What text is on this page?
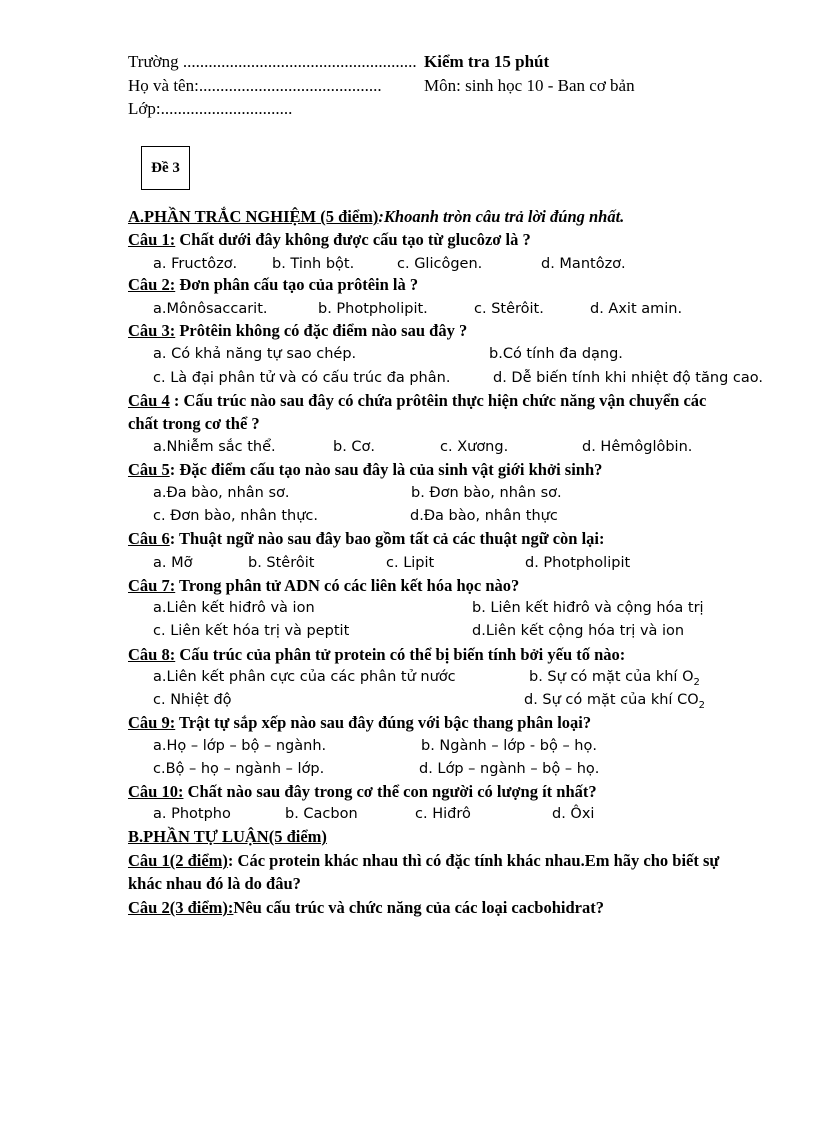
Trường .......................................................
Họ và tên:...........................................
Lớp:...............................
Kiểm tra 15 phút
Môn: sinh học 10 - Ban cơ bản
Đề 3
A.PHẦN TRẮC NGHIỆM (5 điểm):Khoanh tròn câu trả lời đúng nhất.
Câu 1: Chất dưới đây không được cấu tạo từ glucôzơ là ?
a. Fructôzơ. b. Tinh bột.	c. Glicôgen.	d. Mantôzơ.
Câu 2: Đơn phân cấu tạo của prôtêin là ?
a.Mônôsaccarit.	b. Photpholipit.	c. Stêrôit.	d. Axit amin.
Câu 3: Prôtêin không có đặc điểm nào sau đây ?
a. Có khả năng tự sao chép.	b.Có tính đa dạng.
c. Là đại phân tử và có cấu trúc đa phân.	d. Dễ biến tính khi nhiệt độ tăng cao.
Câu 4 : Cấu trúc nào sau đây có chứa prôtêin thực hiện chức năng vận chuyển các
chất trong cơ thể ?
a.Nhiễm sắc thể.	b. Cơ.	c. Xương.	d. Hêmôglôbin.
Câu 5: Đặc điểm cấu tạo nào sau đây là của sinh vật giới khởi sinh?
a.Đa bào, nhân sơ.	b. Đơn bào, nhân sơ.
c. Đơn bào, nhân thực.	d.Đa bào, nhân thực
Câu 6: Thuật ngữ nào sau đây bao gồm tất cả các thuật ngữ còn lại:
a. Mỡ	b. Stêrôit	c. Lipit	d. Photpholipit
Câu 7: Trong phân tử ADN có các liên kết hóa học nào?
a.Liên kết hiđrô và ion	b. Liên kết hiđrô và cộng hóa trị
c. Liên kết hóa trị và peptit	d.Liên kết cộng hóa trị và ion
Câu 8: Cấu trúc của phân tử protein có thể bị biến tính bởi yếu tố nào:
a.Liên kết phân cực của các phân tử nước	b. Sự có mặt của khí $O_2$
c. Nhiệt độ	d. Sự có mặt của khí $CO_2$
Câu 9: Trật tự sắp xếp nào sau đây đúng với bậc thang phân loại?
a.Họ – lớp – bộ – ngành.	b. Ngành – lớp - bộ – họ.
c.Bộ – họ – ngành – lớp.	d. Lớp – ngành – bộ – họ.
Câu 10: Chất nào sau đây trong cơ thể con người có lượng ít nhất?
a. Photpho	b. Cacbon	c. Hiđrô	d. Ôxi
B.PHẦN TỰ LUẬN(5 điểm)
Câu 1(2 điểm): Các protein khác nhau thì có đặc tính khác nhau.Em hãy cho biết sự
khác nhau đó là do đâu?
Câu 2(3 điểm):Nêu cấu trúc và chức năng của các loại cacbohidrat?
